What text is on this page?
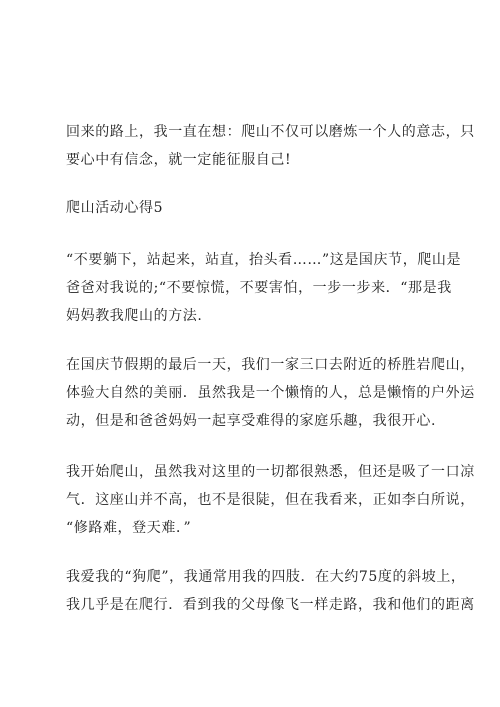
回来的路上，我一直在想：爬山不仅可以磨炼一个人的意志，只
要心中有信念，就一定能征服自己!

爬山活动心得5

“不要躺下，站起来，站直，抬头看……”这是国庆节，爬山是
爸爸对我说的;“不要惊慌，不要害怕，一步一步来．“那是我
妈妈教我爬山的方法.

在国庆节假期的最后一天，我们一家三口去附近的桥胜岩爬山，
体验大自然的美丽．虽然我是一个懒惰的人，总是懒惰的户外运
动，但是和爸爸妈妈一起享受难得的家庭乐趣，我很开心.

我开始爬山，虽然我对这里的一切都很熟悉，但还是吸了一口凉
气．这座山并不高，也不是很陡，但在我看来，正如李白所说，
“修路难，登天难．”

我爱我的“狗爬”，我通常用我的四肢．在大约75度的斜坡上，
我几乎是在爬行．看到我的父母像飞一样走路，我和他们的距离
